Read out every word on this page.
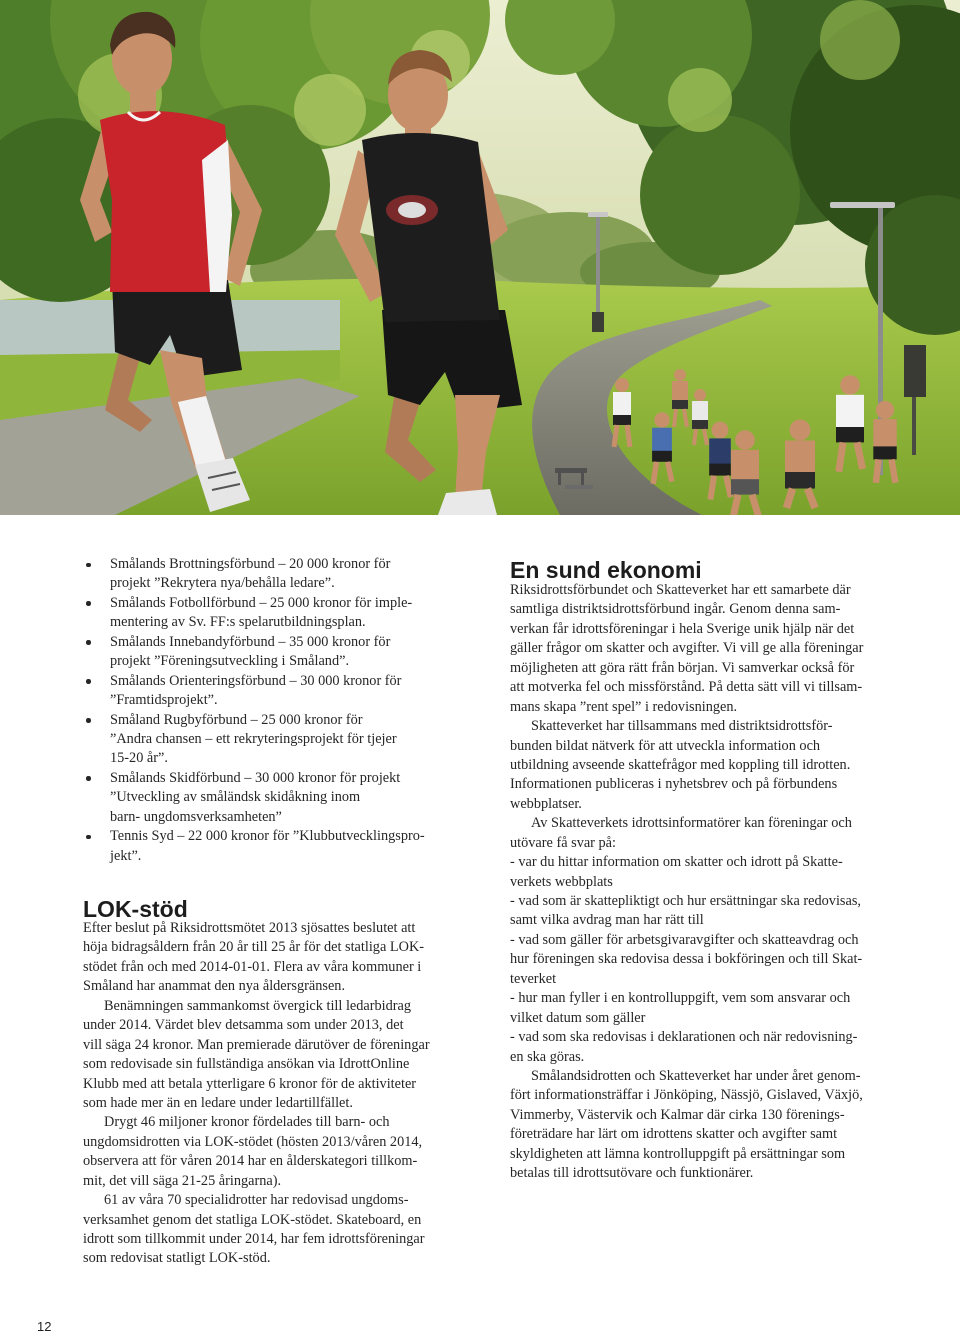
Smålands Brottningsförbund – 20 000 kronor för
projekt ”Rekrytera nya/behålla ledare”.
Smålands Fotbollförbund – 25 000 kronor för imple-
mentering av Sv. FF:s spelarutbildningsplan.
Smålands Innebandyförbund – 35 000 kronor för
projekt ”Föreningsutveckling i Småland”.
Smålands Orienteringsförbund – 30 000 kronor för
”Framtidsprojekt”.
Småland Rugbyförbund – 25 000 kronor för
”Andra chansen – ett rekryteringsprojekt för tjejer
15-20 år”.
Smålands Skidförbund – 30 000 kronor för projekt
”Utveckling av småländsk skidåkning inom
barn- ungdomsverksamheten”
Tennis Syd – 22 000 kronor för ”Klubbutvecklingspro-
jekt”.
LOK-stöd
Efter beslut på Riksidrottsmötet 2013 sjösattes beslutet att
höja bidragsåldern från 20 år till 25 år för det statliga LOK-
stödet från och med 2014-01-01. Flera av våra kommuner i
Småland har anammat den nya åldersgränsen.
Benämningen sammankomst övergick till ledarbidrag
under 2014. Värdet blev detsamma som under 2013, det
vill säga 24 kronor. Man premierade därutöver de föreningar
som redovisade sin fullständiga ansökan via IdrottOnline
Klubb med att betala ytterligare 6 kronor för de aktiviteter
som hade mer än en ledare under ledartillfället.
Drygt 46 miljoner kronor fördelades till barn- och
ungdomsidrotten via LOK-stödet (hösten 2013/våren 2014,
observera att för våren 2014 har en ålderskategori tillkom-
mit, det vill säga 21-25 åringarna).
61 av våra 70 specialidrotter har redovisad ungdoms-
verksamhet genom det statliga LOK-stödet. Skateboard, en
idrott som tillkommit under 2014, har fem idrottsföreningar
som redovisat statligt LOK-stöd.
En sund ekonomi
Riksidrottsförbundet och Skatteverket har ett samarbete där
samtliga distriktsidrottsförbund ingår. Genom denna sam-
verkan får idrottsföreningar i hela Sverige unik hjälp när det
gäller frågor om skatter och avgifter. Vi vill ge alla föreningar
möjligheten att göra rätt från början. Vi samverkar också för
att motverka fel och missförstånd. På detta sätt vill vi tillsam-
mans skapa ”rent spel” i redovisningen.
Skatteverket har tillsammans med distriktsidrottsför-
bunden bildat nätverk för att utveckla information och
utbildning avseende skattefrågor med koppling till idrotten.
Informationen publiceras i nyhetsbrev och på förbundens
webbplatser.
Av Skatteverkets idrottsinformatörer kan föreningar och
utövare få svar på:
- var du hittar information om skatter och idrott på Skatte-
verkets webbplats
- vad som är skattepliktigt och hur ersättningar ska redovisas,
samt vilka avdrag man har rätt till
- vad som gäller för arbetsgivaravgifter och skatteavdrag och
hur föreningen ska redovisa dessa i bokföringen och till Skat-
teverket
- hur man fyller i en kontrolluppgift, vem som ansvarar och
vilket datum som gäller
- vad som ska redovisas i deklarationen och när redovisning-
en ska göras.
Smålandsidrotten och Skatteverket har under året genom-
fört informationsträffar i Jönköping, Nässjö, Gislaved, Växjö,
Vimmerby, Västervik och Kalmar där cirka 130 förenings-
företrädare har lärt om idrottens skatter och avgifter samt
skyldigheten att lämna kontrolluppgift på ersättningar som
betalas till idrottsutövare och funktionärer.
12
